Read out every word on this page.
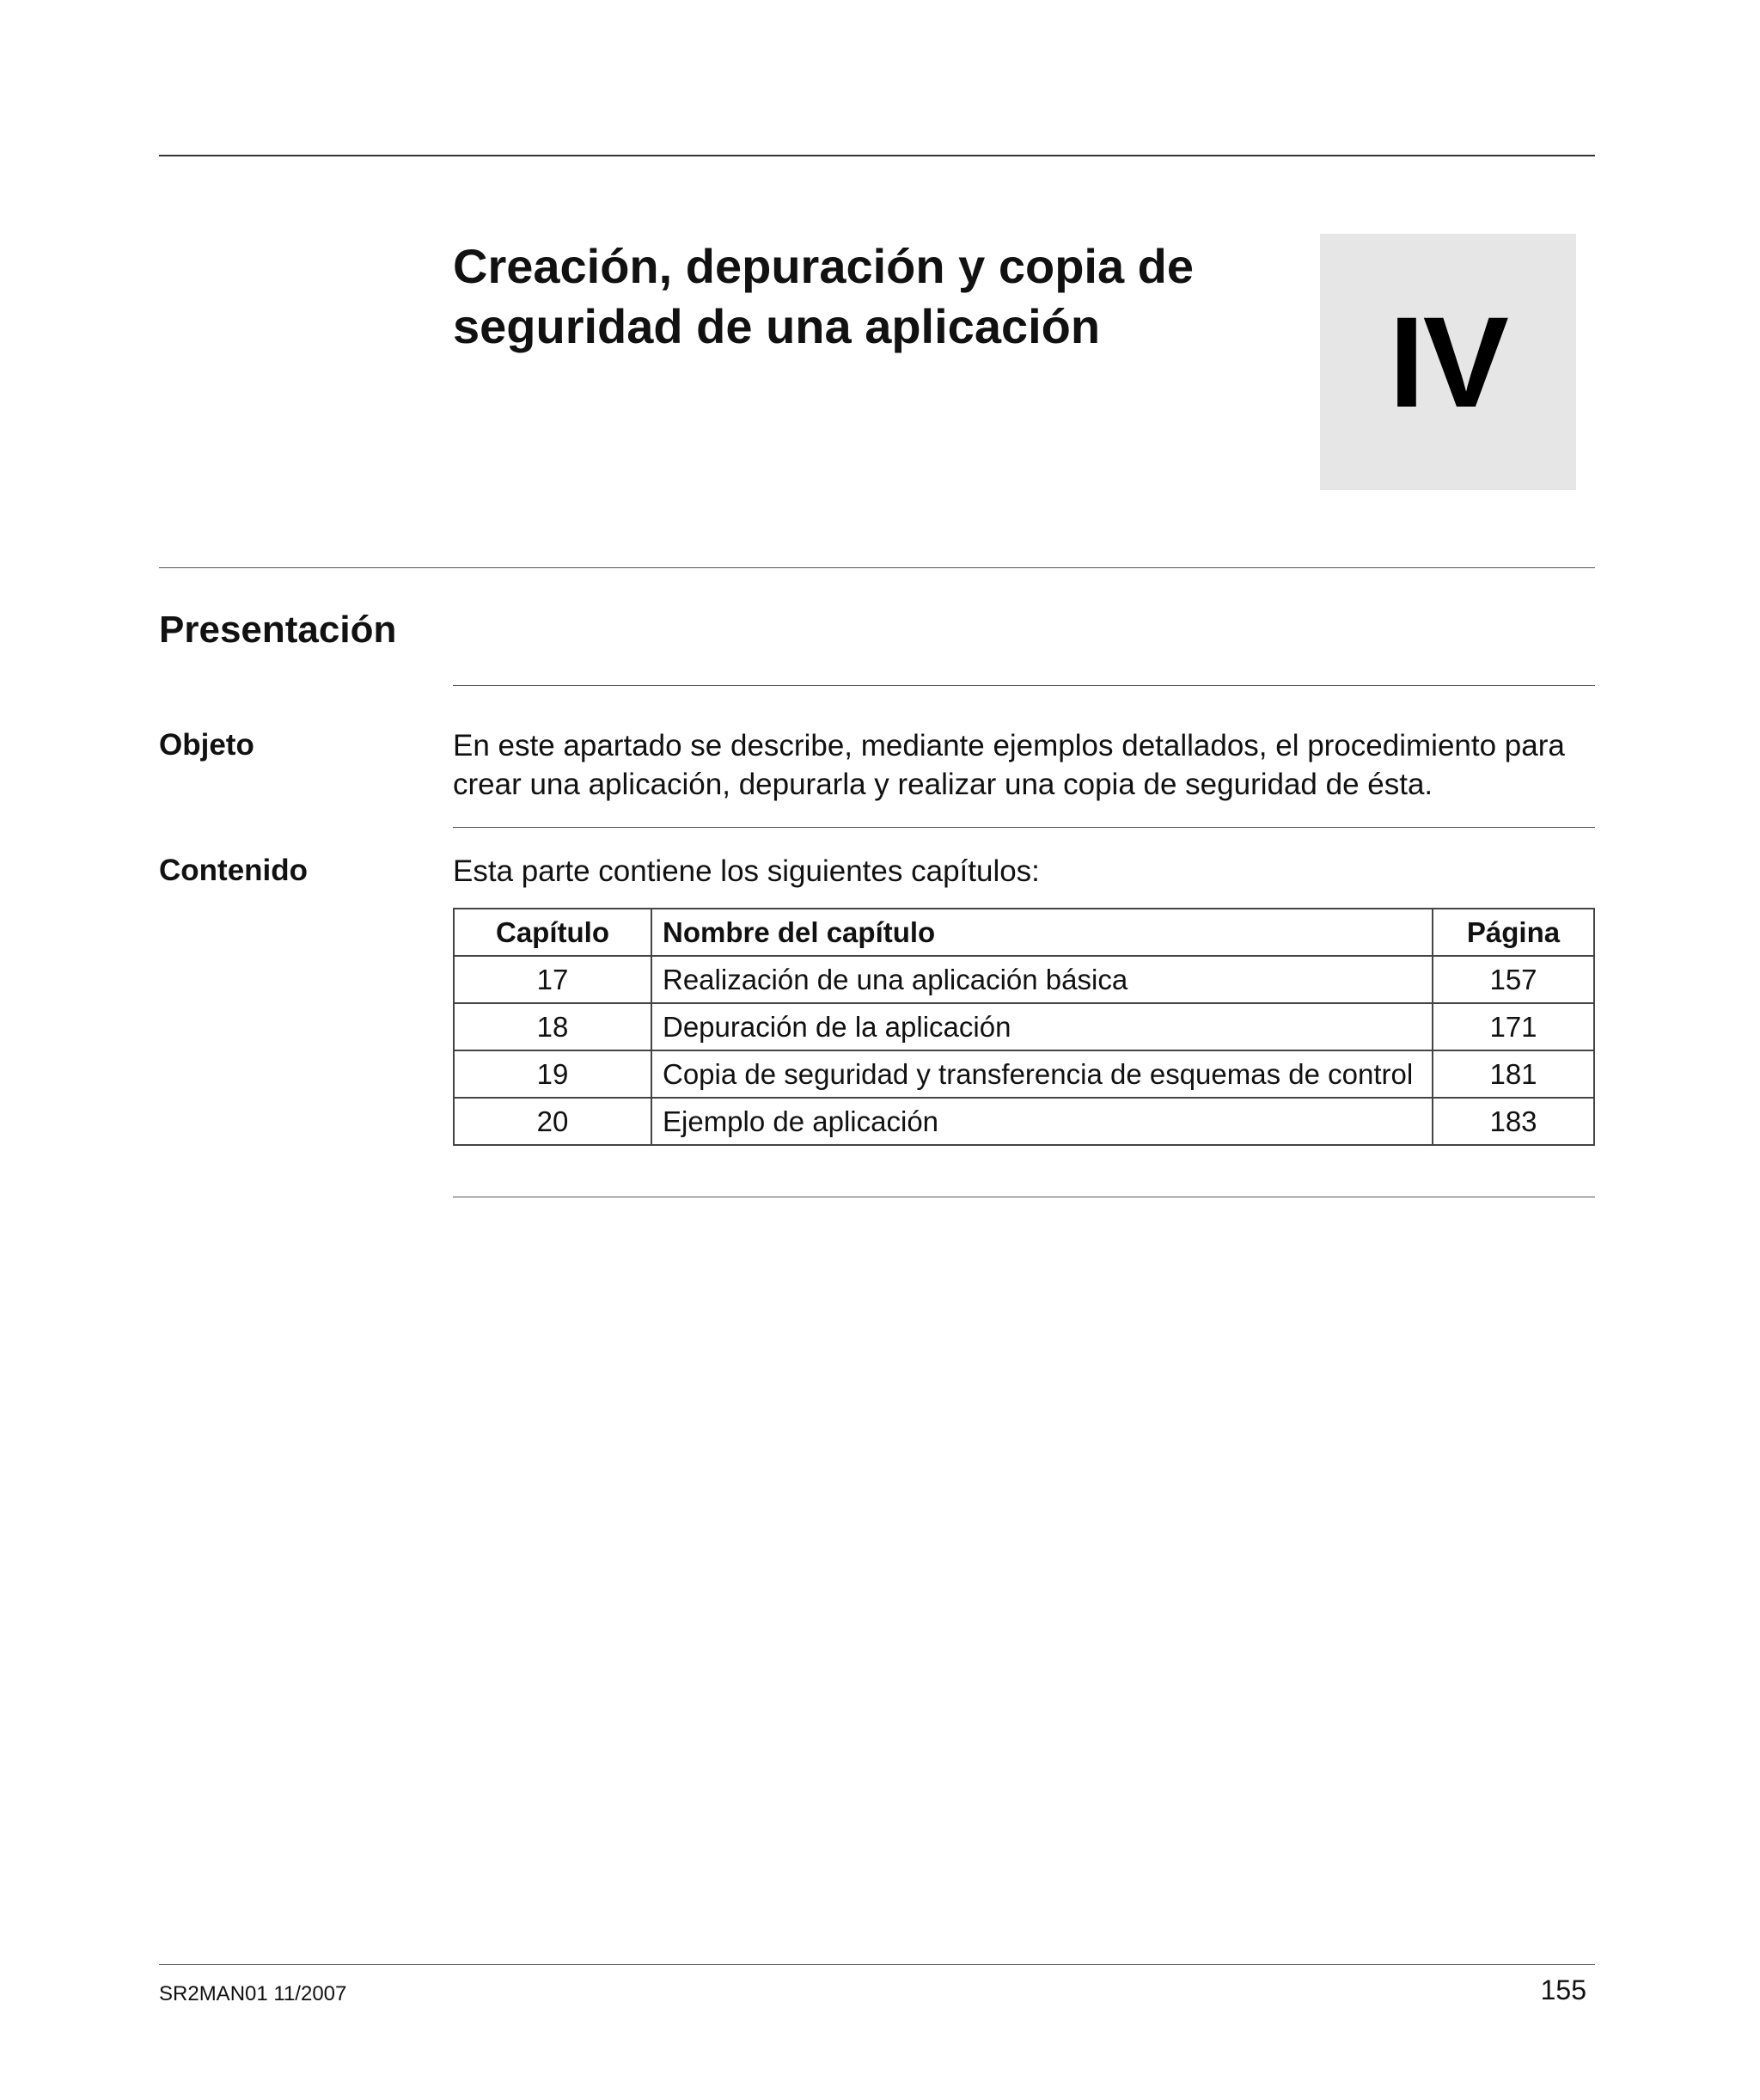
Creación, depuración y copia de
seguridad de una aplicación	IV
Presentación
Objeto	En este apartado se describe, mediante ejemplos detallados, el procedimiento para
crear una aplicación, depurarla y realizar una copia de seguridad de ésta.
Contenido	Esta parte contiene los siguientes capítulos:
Capítulo	Nombre del capítulo	Página
17	Realización de una aplicación básica	157
18	Depuración de la aplicación	171
19	Copia de seguridad y transferencia de esquemas de control	181
20	Ejemplo de aplicación	183
SR2MAN01 11/2007	155
